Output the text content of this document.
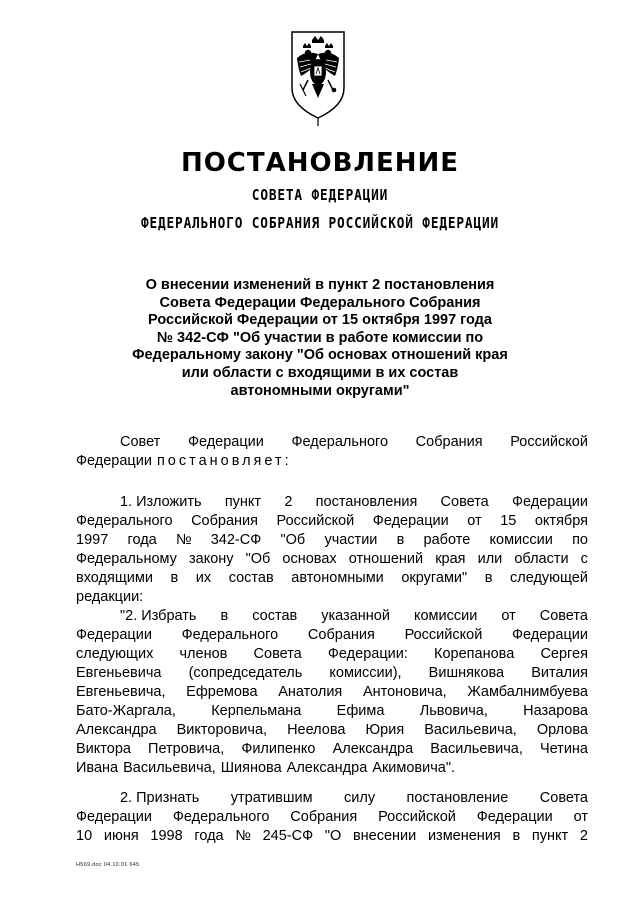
ПОСТАНОВЛЕНИЕ
СОВЕТА ФЕДЕРАЦИИ
ФЕДЕРАЛЬНОГО СОБРАНИЯ РОССИЙСКОЙ ФЕДЕРАЦИИ
О внесении изменений в пункт 2 постановления
Совета Федерации Федерального Собрания
Российской Федерации от 15 октября 1997 года
№ 342-СФ "Об участии в работе комиссии по
Федеральному закону "Об основах отношений края
или области с входящими в их состав
автономными округами"
Совет Федерации Федерального Собрания Российской
Федерации постановляет:
1. Изложить пункт 2 постановления Совета Федерации
Федерального Собрания Российской Федерации от 15 октября
1997 года № 342-СФ "Об участии в работе комиссии по
Федеральному закону "Об основах отношений края или области с
входящими в их состав автономными округами" в следующей
редакции:
"2. Избрать в состав указанной комиссии от Совета
Федерации Федерального Собрания Российской Федерации
следующих членов Совета Федерации: Корепанова Сергея
Евгеньевича (сопредседатель комиссии), Вишнякова Виталия
Евгеньевича, Ефремова Анатолия Антоновича, Жамбалнимбуева
Бато-Жаргала, Керпельмана Ефима Львовича, Назарова
Александра Викторовича, Неелова Юрия Васильевича, Орлова
Виктора Петровича, Филипенко Александра Васильевича, Четина
Ивана Васильевича, Шиянова Александра Акимовича".
2. Признать утратившим силу постановление Совета
Федерации Федерального Собрания Российской Федерации от
10 июня 1998 года № 245-СФ "О внесении изменения в пункт 2
H569.doc 04.10.01 645
